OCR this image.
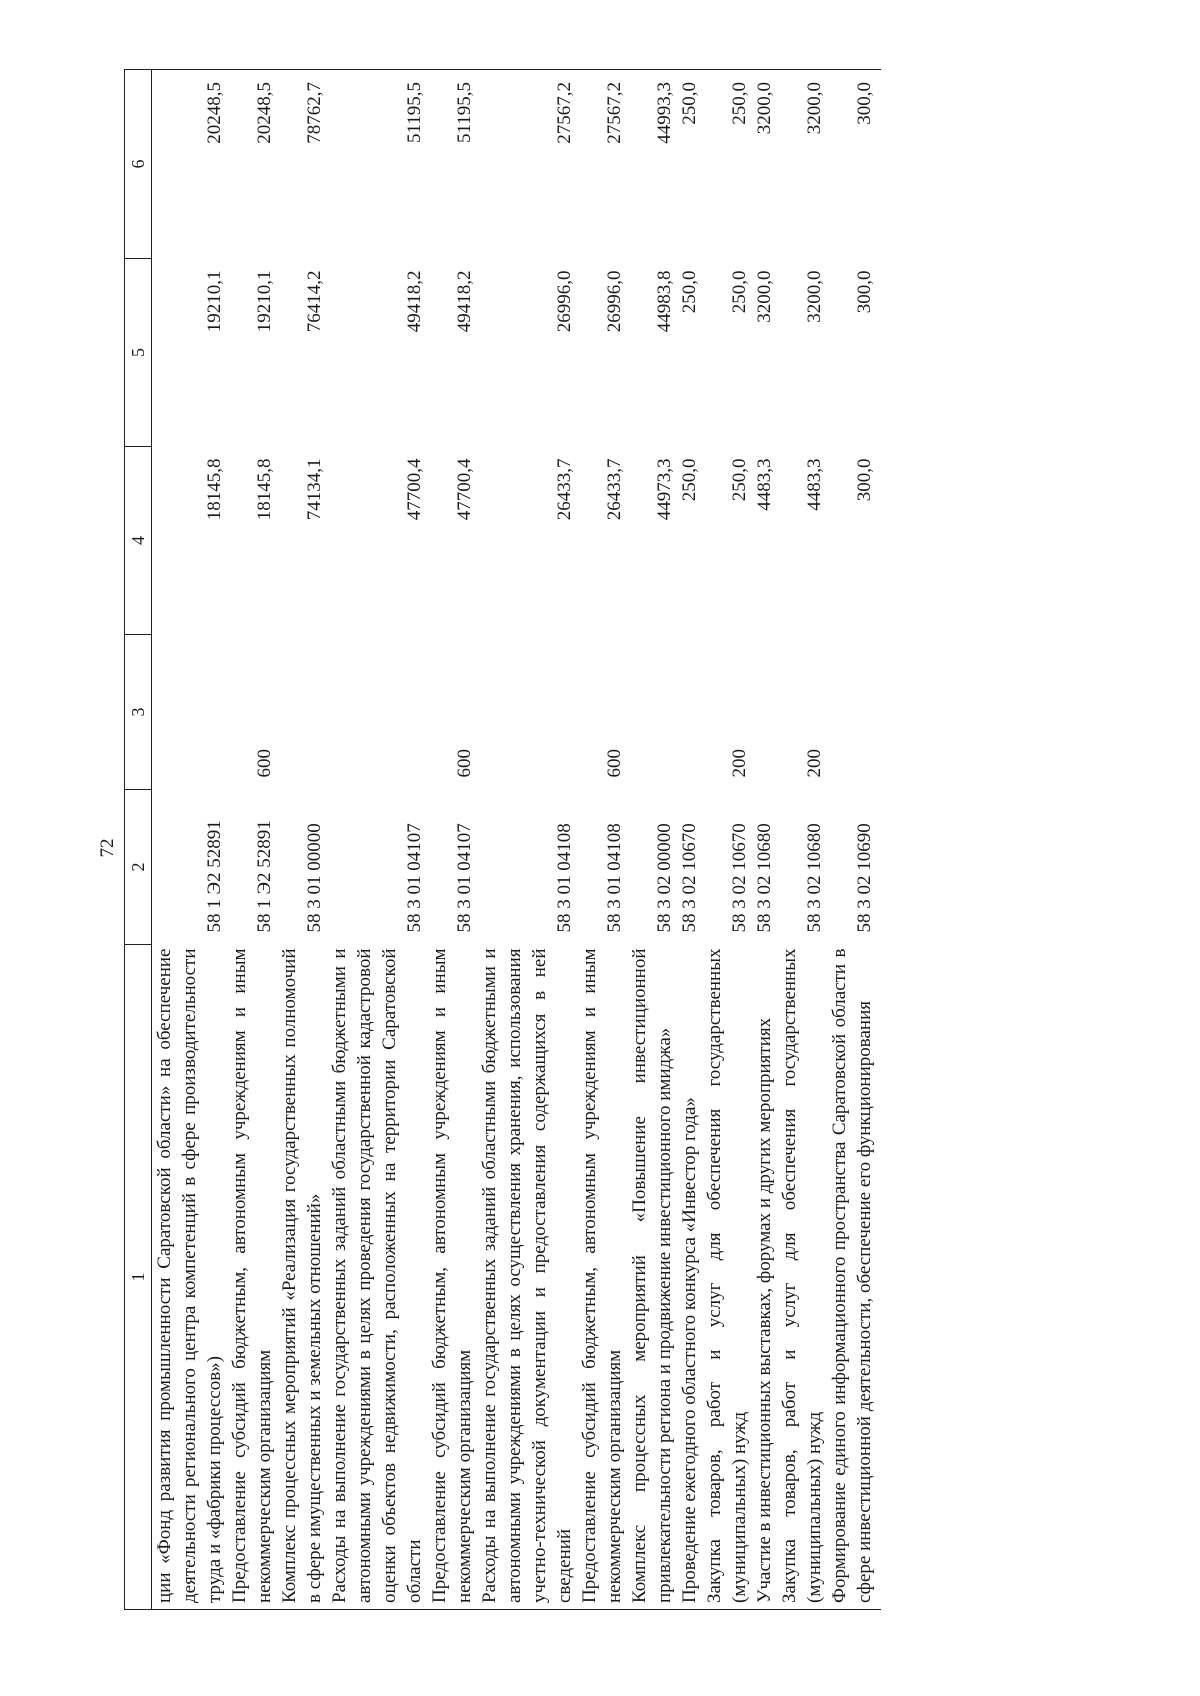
72
1	2	3	4	5	6
ции «Фонд развития промышленности Саратовской области» на обеспечение деятельности регионального центра компетенций в сфере производительности труда и «фабрики процессов»)	58 1 Э2 52891		18145,8	19210,1	20248,5
Предоставление субсидий бюджетным, автономным учреждениям и иным некоммерческим организациям	58 1 Э2 52891	600	18145,8	19210,1	20248,5
Комплекс процессных мероприятий «Реализация государственных полномочий в сфере имущественных и земельных отношений»	58 3 01 00000		74134,1	76414,2	78762,7
Расходы на выполнение государственных заданий областными бюджетными и автономными учреждениями в целях проведения государственной кадастровой оценки объектов недвижимости, расположенных на территории Саратовской области	58 3 01 04107		47700,4	49418,2	51195,5
Предоставление субсидий бюджетным, автономным учреждениям и иным некоммерческим организациям	58 3 01 04107	600	47700,4	49418,2	51195,5
Расходы на выполнение государственных заданий областными бюджетными и автономными учреждениями в целях осуществления хранения, использования учетно-технической документации и предоставления содержащихся в ней сведений	58 3 01 04108		26433,7	26996,0	27567,2
Предоставление субсидий бюджетным, автономным учреждениям и иным некоммерческим организациям	58 3 01 04108	600	26433,7	26996,0	27567,2
Комплекс процессных мероприятий «Повышение инвестиционной привлекательности региона и продвижение инвестиционного имиджа»	58 3 02 00000		44973,3	44983,8	44993,3
Проведение ежегодного областного конкурса «Инвестор года»	58 3 02 10670		250,0	250,0	250,0
Закупка товаров, работ и услуг для обеспечения государственных (муниципальных) нужд	58 3 02 10670	200	250,0	250,0	250,0
Участие в инвестиционных выставках, форумах и других мероприятиях	58 3 02 10680		4483,3	3200,0	3200,0
Закупка товаров, работ и услуг для обеспечения государственных (муниципальных) нужд	58 3 02 10680	200	4483,3	3200,0	3200,0
Формирование единого информационного пространства Саратовской области в сфере инвестиционной деятельности, обеспечение его функционирования	58 3 02 10690		300,0	300,0	300,0
